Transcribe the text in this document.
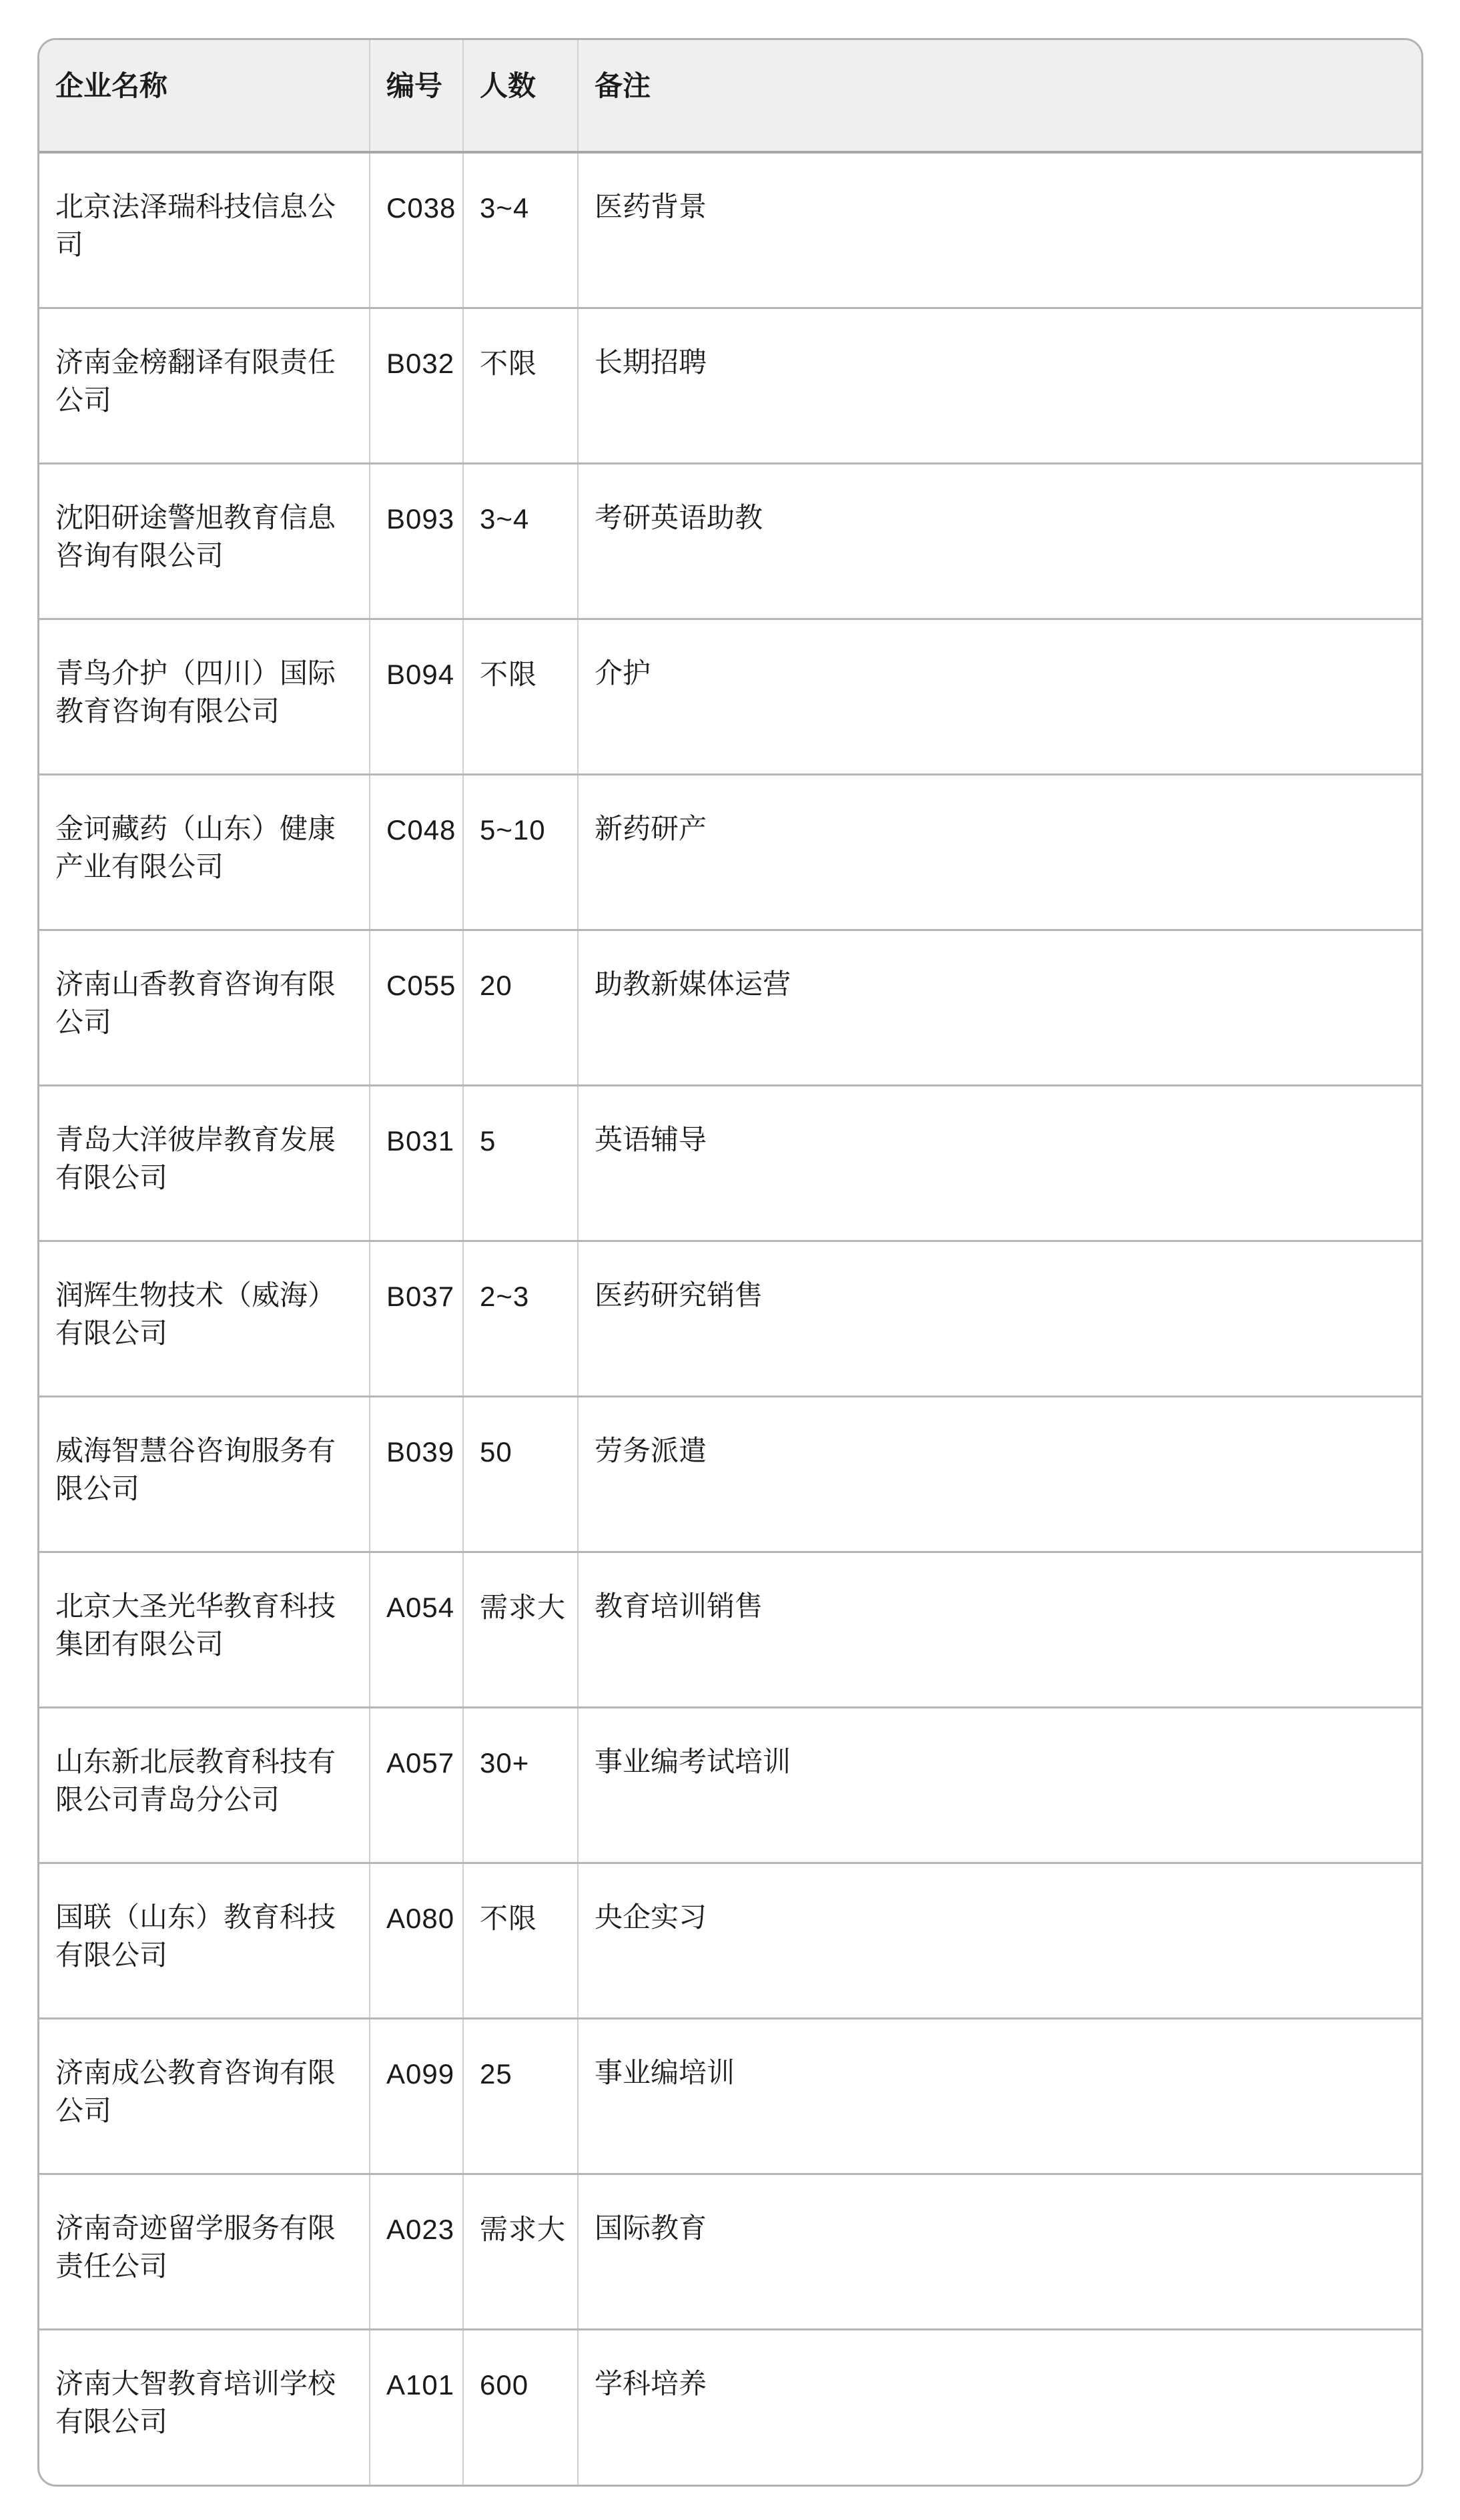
企业名称	编号	人数	备注
北京法泽瑞科技信息公司	C038	3~4	医药背景
济南金榜翻译有限责任公司	B032	不限	长期招聘
沈阳研途警旭教育信息咨询有限公司	B093	3~4	考研英语助教
青鸟介护（四川）国际教育咨询有限公司	B094	不限	介护
金诃藏药（山东）健康产业有限公司	C048	5~10	新药研产
济南山香教育咨询有限公司	C055	20	助教新媒体运营
青岛大洋彼岸教育发展有限公司	B031	5	英语辅导
润辉生物技术（威海）有限公司	B037	2~3	医药研究销售
威海智慧谷咨询服务有限公司	B039	50	劳务派遣
北京大圣光华教育科技集团有限公司	A054	需求大	教育培训销售
山东新北辰教育科技有限公司青岛分公司	A057	30+	事业编考试培训
国联（山东）教育科技有限公司	A080	不限	央企实习
济南成公教育咨询有限公司	A099	25	事业编培训
济南奇迹留学服务有限责任公司	A023	需求大	国际教育
济南大智教育培训学校有限公司	A101	600	学科培养
